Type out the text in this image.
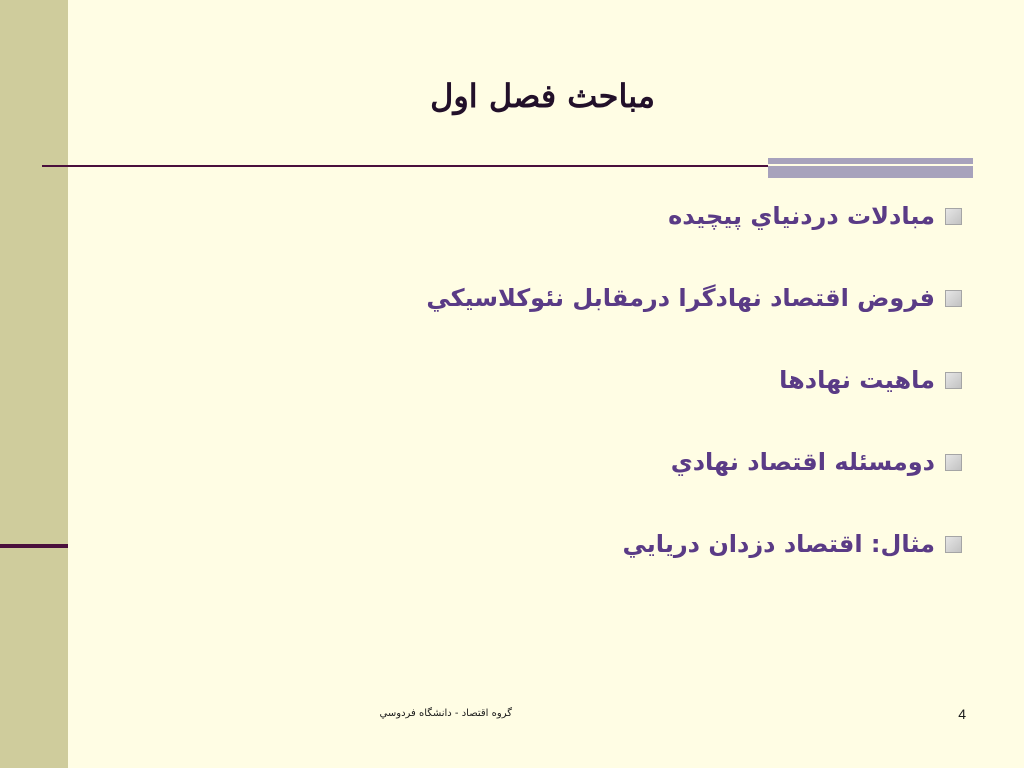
مباحث فصل اول
مبادلات دردنياي پيچيده
فروض اقتصاد نهادگرا درمقابل نئوكلاسيكي
ماهيت نهادها
دومسئله اقتصاد نهادي
مثال: اقتصاد دزدان دريايي
گروه اقتصاد - دانشگاه فردوسي	4
